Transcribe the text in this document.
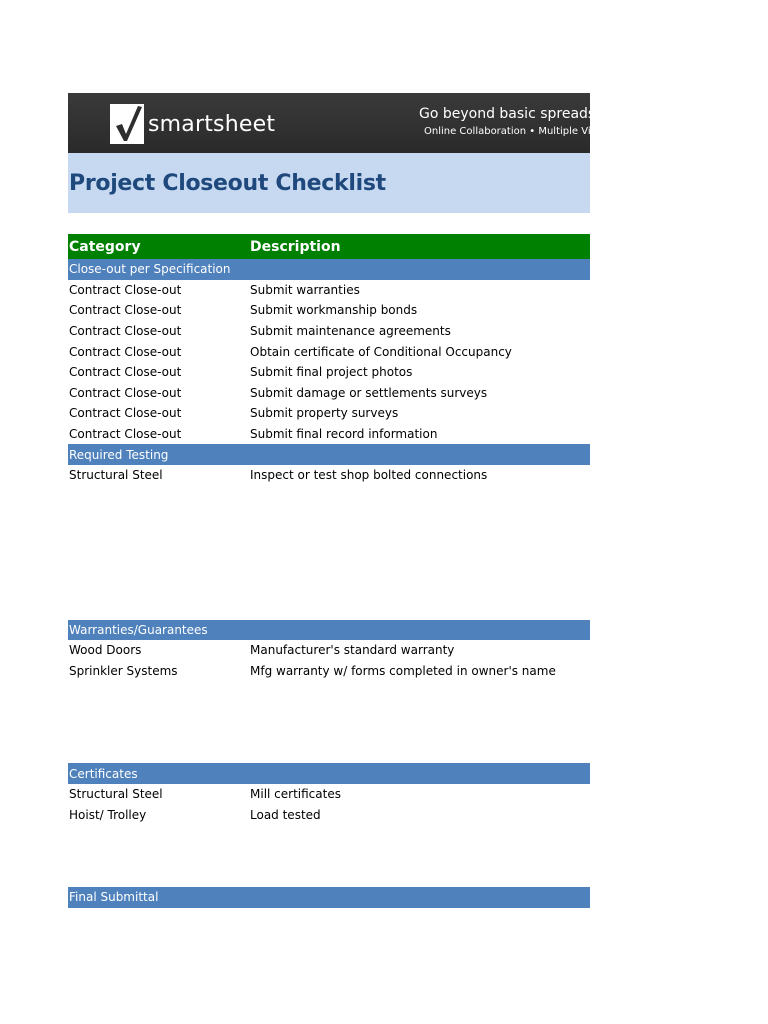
smartsheet	Go beyond basic spreadsheets
Online Collaboration • Multiple Views
Project Closeout Checklist
Category	Description
Close-out per Specification
Contract Close-out	Submit warranties
Contract Close-out	Submit workmanship bonds
Contract Close-out	Submit maintenance agreements
Contract Close-out	Obtain certificate of Conditional Occupancy
Contract Close-out	Submit final project photos
Contract Close-out	Submit damage or settlements surveys
Contract Close-out	Submit property surveys
Contract Close-out	Submit final record information
Required Testing
Structural Steel	Inspect or test shop bolted connections
Warranties/Guarantees
Wood Doors	Manufacturer's standard warranty
Sprinkler Systems	Mfg warranty w/ forms completed in owner's name
Certificates
Structural Steel	Mill certificates
Hoist/ Trolley	Load tested
Final Submittal
